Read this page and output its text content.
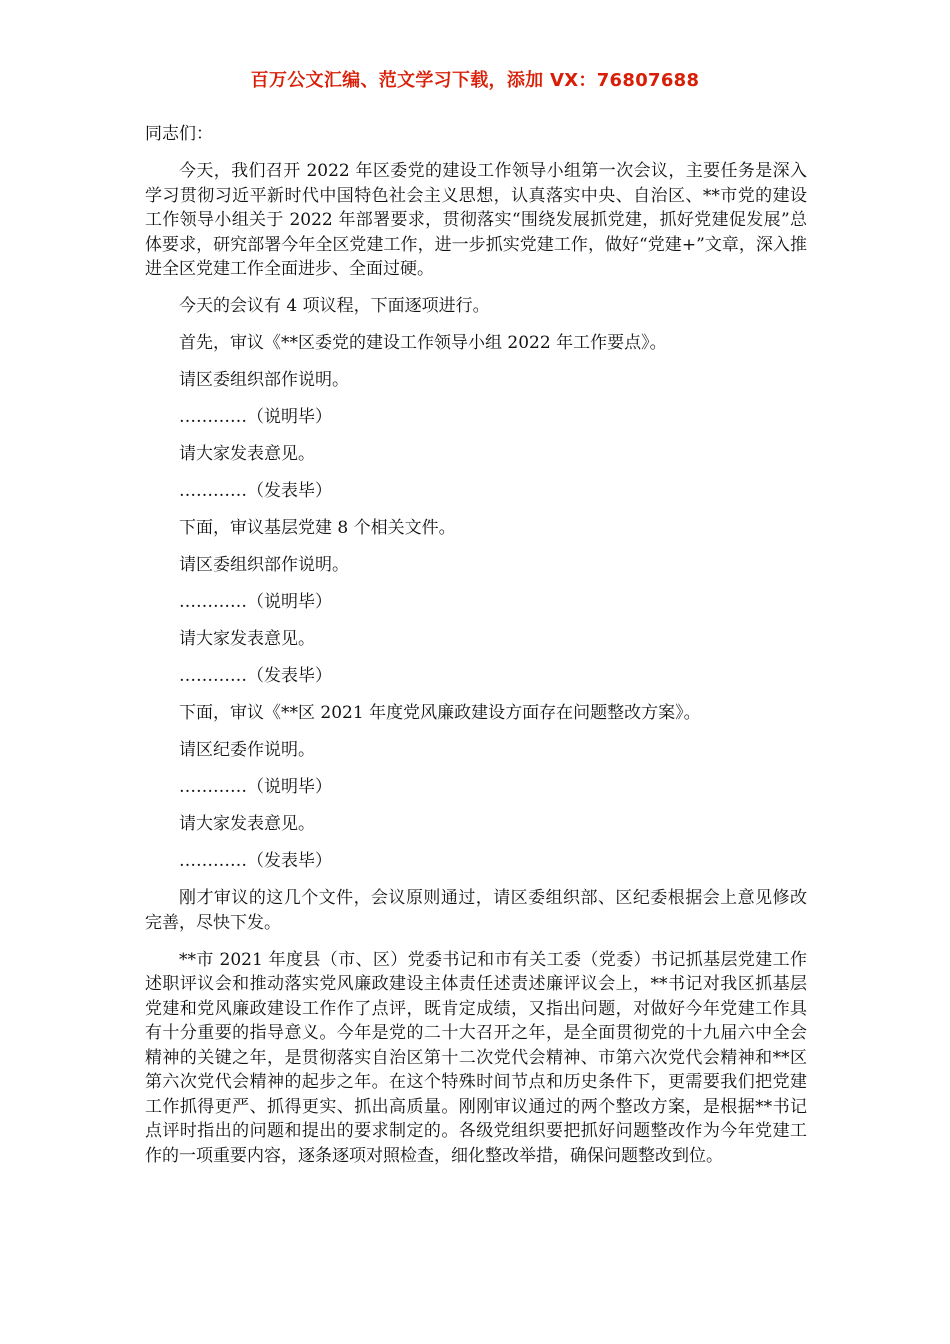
百万公文汇编、范文学习下载，添加 VX：76807688

同志们：

今天，我们召开 2022 年区委党的建设工作领导小组第一次会议，主要任务是深入学习贯彻习近平新时代中国特色社会主义思想，认真落实中央、自治区、**市党的建设工作领导小组关于 2022 年部署要求，贯彻落实“围绕发展抓党建，抓好党建促发展”总体要求，研究部署今年全区党建工作，进一步抓实党建工作，做好“党建+”文章，深入推进全区党建工作全面进步、全面过硬。

今天的会议有 4 项议程，下面逐项进行。

首先，审议《**区委党的建设工作领导小组 2022 年工作要点》。

请区委组织部作说明。

…………（说明毕）

请大家发表意见。

…………（发表毕）

下面，审议基层党建 8 个相关文件。

请区委组织部作说明。

…………（说明毕）

请大家发表意见。

…………（发表毕）

下面，审议《**区 2021 年度党风廉政建设方面存在问题整改方案》。

请区纪委作说明。

…………（说明毕）

请大家发表意见。

…………（发表毕）

刚才审议的这几个文件，会议原则通过，请区委组织部、区纪委根据会上意见修改完善，尽快下发。

**市 2021 年度县（市、区）党委书记和市有关工委（党委）书记抓基层党建工作述职评议会和推动落实党风廉政建设主体责任述责述廉评议会上，**书记对我区抓基层党建和党风廉政建设工作作了点评，既肯定成绩，又指出问题，对做好今年党建工作具有十分重要的指导意义。今年是党的二十大召开之年，是全面贯彻党的十九届六中全会精神的关键之年，是贯彻落实自治区第十二次党代会精神、市第六次党代会精神和**区第六次党代会精神的起步之年。在这个特殊时间节点和历史条件下，更需要我们把党建工作抓得更严、抓得更实、抓出高质量。刚刚审议通过的两个整改方案，是根据**书记点评时指出的问题和提出的要求制定的。各级党组织要把抓好问题整改作为今年党建工作的一项重要内容，逐条逐项对照检查，细化整改举措，确保问题整改到位。
